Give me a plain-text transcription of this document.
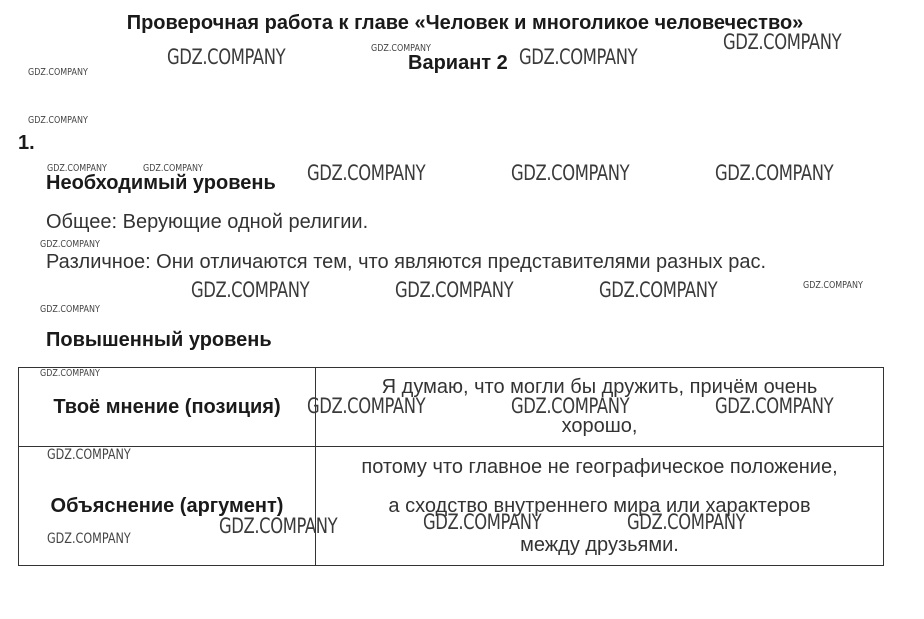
Проверочная работа к главе «Человек и многоликое человечество»
Вариант 2
1.
Необходимый уровень
Общее: Верующие одной религии.
Различное: Они отличаются тем, что являются представителями разных рас.
Повышенный уровень
Твоё мнение (позиция)	Я думаю, что могли бы дружить, причём очень
хорошо,

Объяснение (аргумент)	потому что главное не географическое положение,
а сходство внутреннего мира или характеров
между друзьями.
GDZ.COMPANY	GDZ.COMPANY
GDZ.COMPANY
GDZ.COMPANY	GDZ.COMPANY	GDZ.COMPANY
GDZ.COMPANY	GDZ.COMPANY	GDZ.COMPANY
GDZ.COMPANY	GDZ.COMPANY	GDZ.COMPANY
GDZ.COMPANY	GDZ.COMPANY	GDZ.COMPANY
GDZ.COMPANY
GDZ.COMPANY
GDZ.COMPANY
GDZ.COMPANY
GDZ.COMPANY
GDZ.COMPANY	GDZ.COMPANY
GDZ.COMPANY
GDZ.COMPANY
GDZ.COMPANY
GDZ.COMPANY
